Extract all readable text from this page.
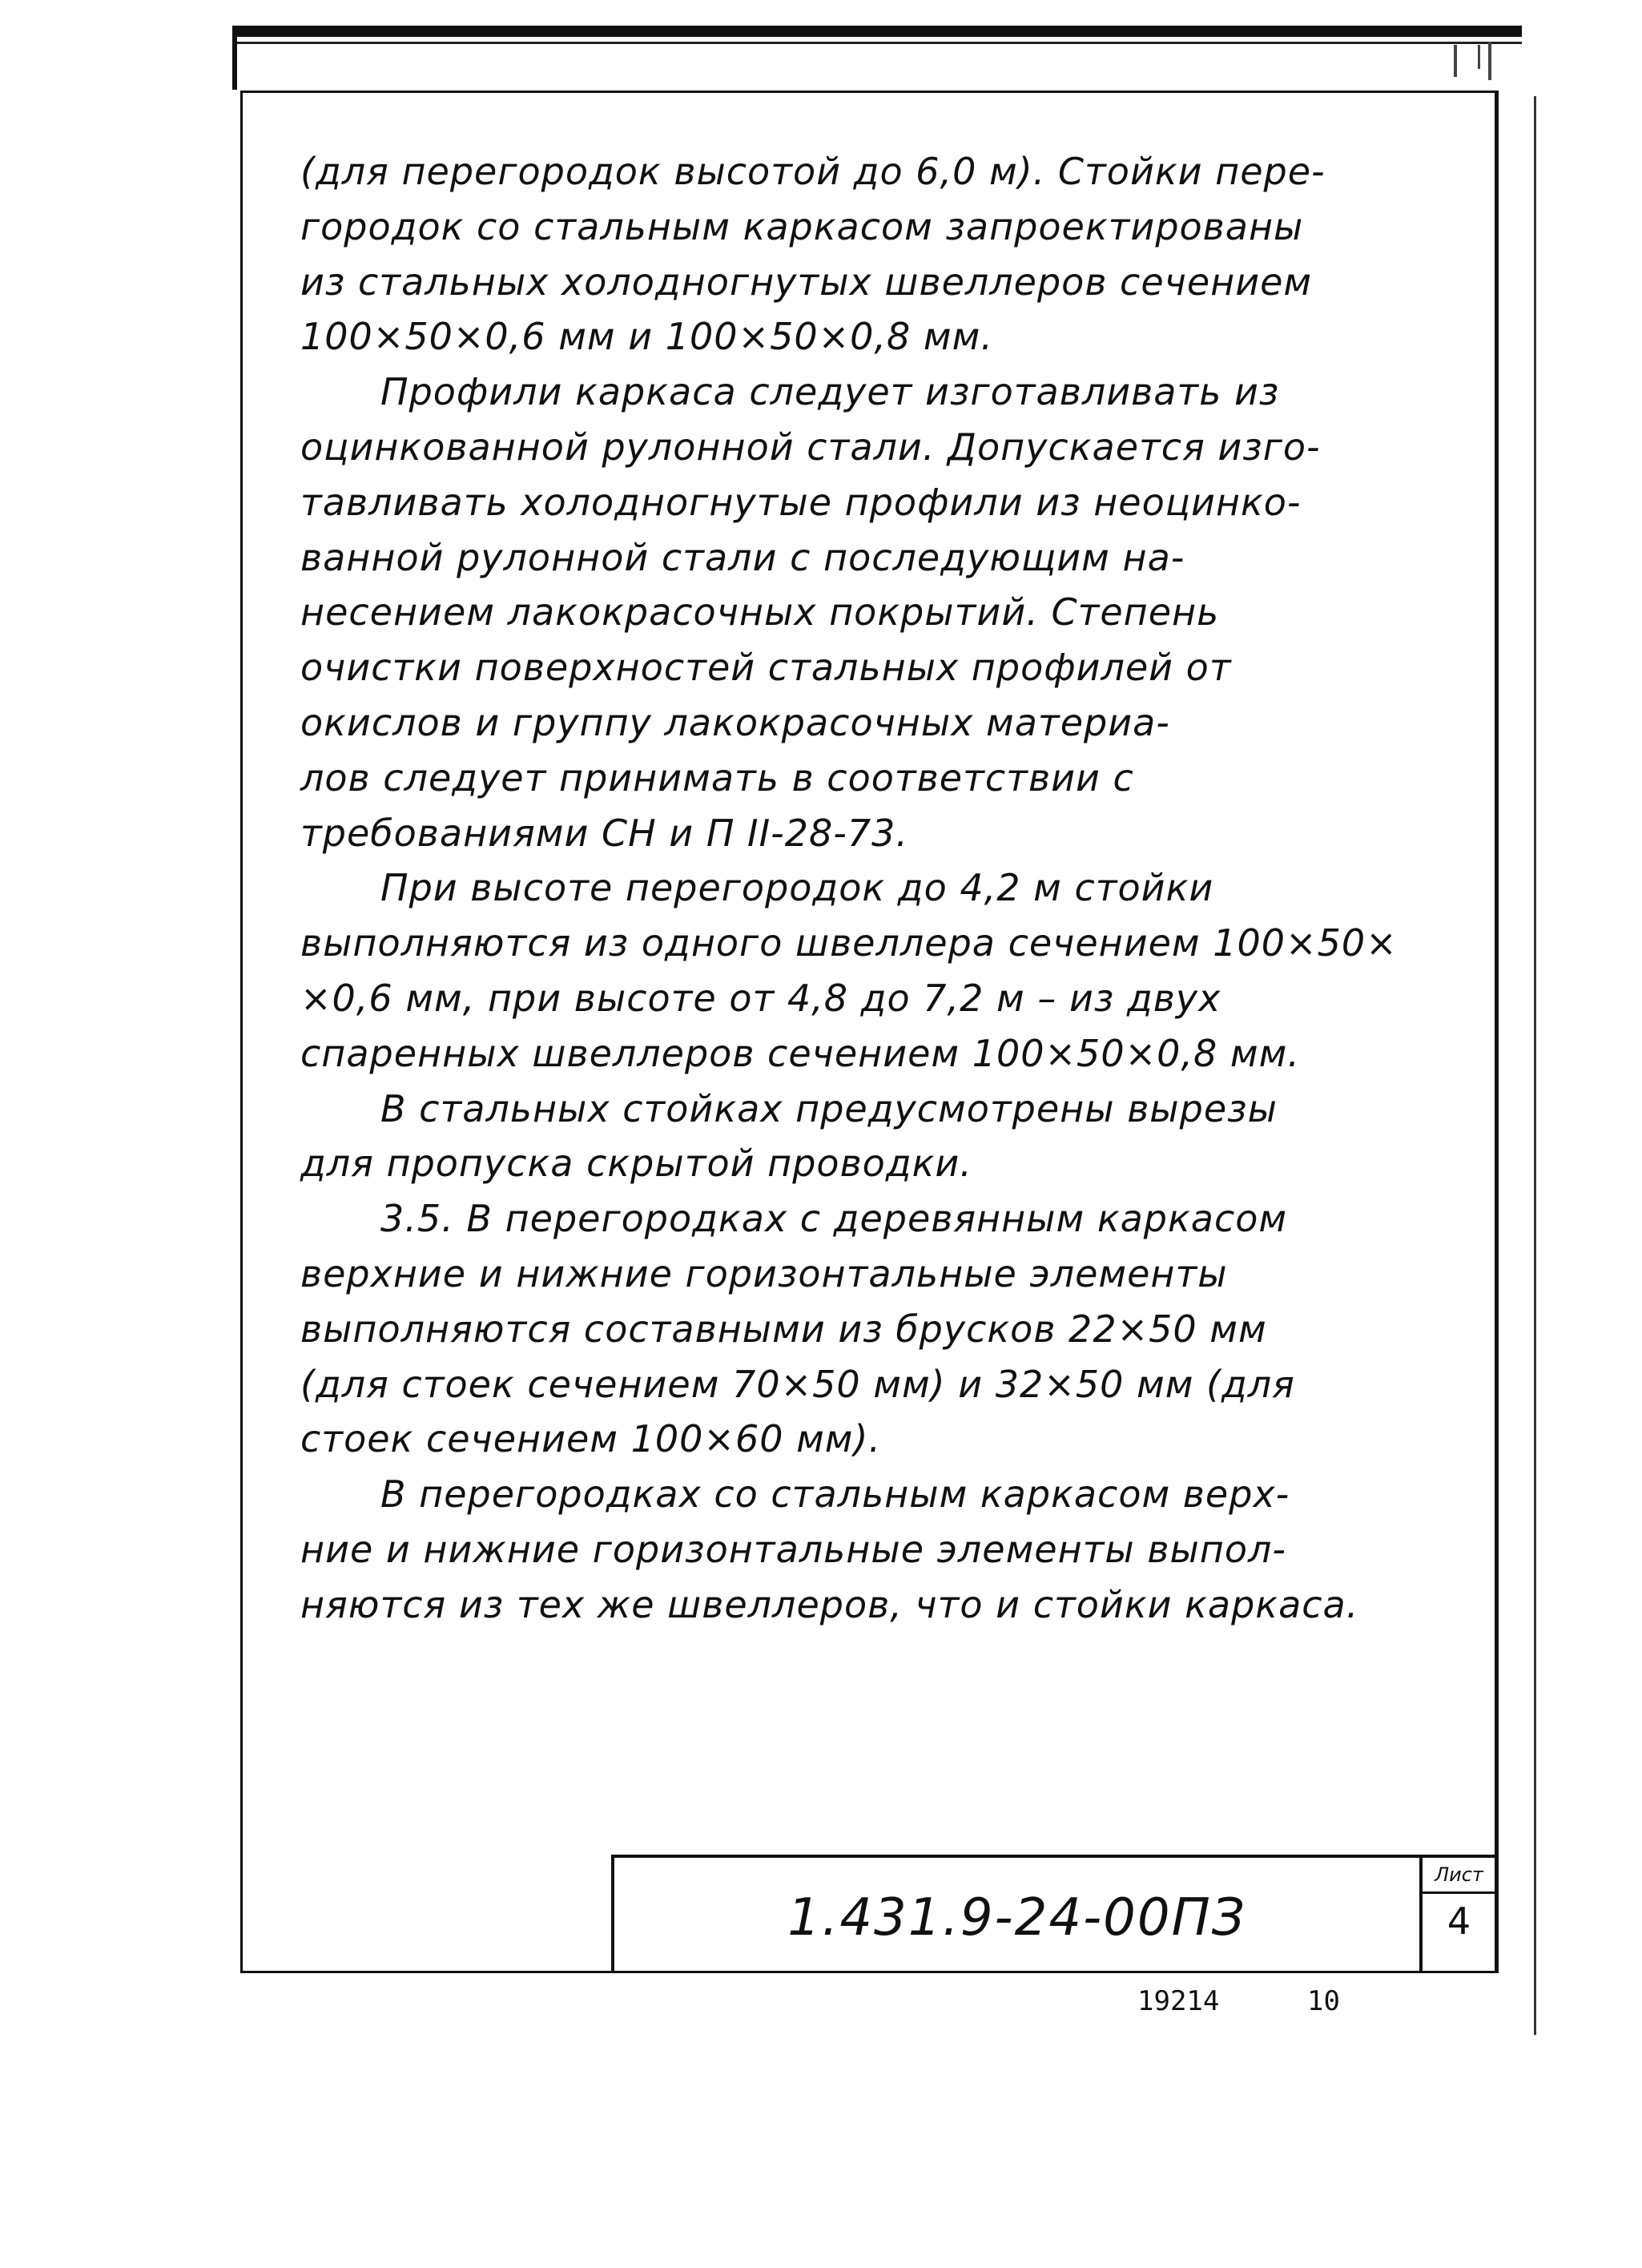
(для перегородок высотой до 6,0 м). Стойки пере-
городок со стальным каркасом запроектированы
из стальных холодногнутых швеллеров сечением
100×50×0,6 мм и 100×50×0,8 мм.

Профили каркаса следует изготавливать из
оцинкованной рулонной стали. Допускается изго-
тавливать холодногнутые профили из неоцинко-
ванной рулонной стали с последующим на-
несением лакокрасочных покрытий. Степень
очистки поверхностей стальных профилей от
окислов и группу лакокрасочных материа-
лов следует принимать в соответствии с
требованиями СН и П II-28-73.

При высоте перегородок до 4,2 м стойки
выполняются из одного швеллера сечением 100×50×
×0,6 мм, при высоте от 4,8 до 7,2 м – из двух
спаренных швеллеров сечением 100×50×0,8 мм.

В стальных стойках предусмотрены вырезы
для пропуска скрытой проводки.

3.5. В перегородках с деревянным каркасом
верхние и нижние горизонтальные элементы
выполняются составными из брусков 22×50 мм
(для стоек сечением 70×50 мм) и 32×50 мм (для
стоек сечением 100×60 мм).

В перегородках со стальным каркасом верх-
ние и нижние горизонтальные элементы выпол-
няются из тех же швеллеров, что и стойки каркаса.

1.431.9-24-00ПЗ
Лист
4
19214	10
